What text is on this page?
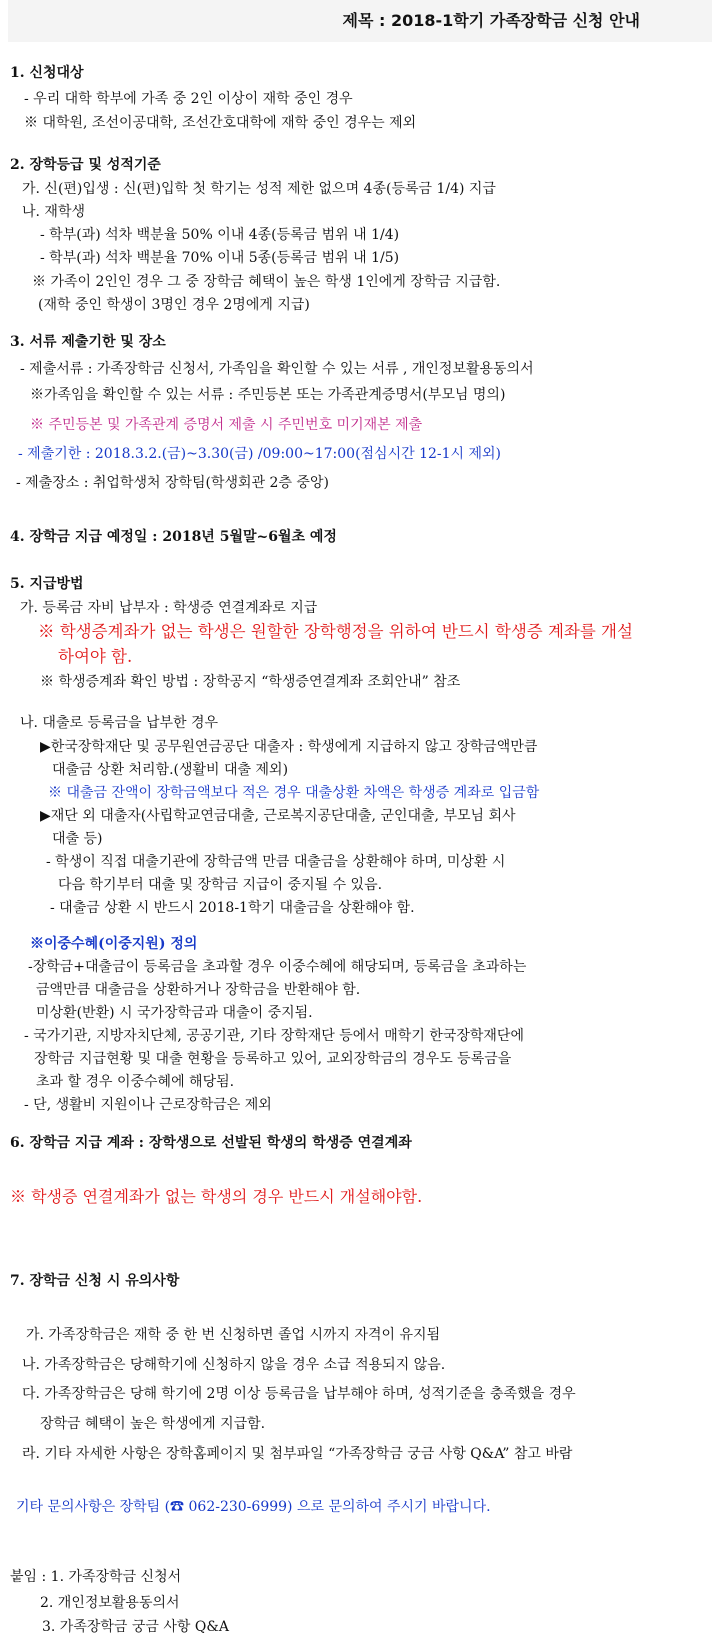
제목 : 2018-1학기 가족장학금 신청 안내
1. 신청대상
- 우리 대학 학부에 가족 중 2인 이상이 재학 중인 경우
※ 대학원, 조선이공대학, 조선간호대학에 재학 중인 경우는 제외
2. 장학등급 및 성적기준
가. 신(편)입생 : 신(편)입학 첫 학기는 성적 제한 없으며 4종(등록금 1/4) 지급
나. 재학생
- 학부(과) 석차 백분율 50% 이내 4종(등록금 범위 내 1/4)
- 학부(과) 석차 백분율 70% 이내 5종(등록금 범위 내 1/5)
※ 가족이 2인인 경우 그 중 장학금 혜택이 높은 학생 1인에게 장학금 지급함.
(재학 중인 학생이 3명인 경우 2명에게 지급)
3. 서류 제출기한 및 장소
- 제출서류 : 가족장학금 신청서, 가족임을 확인할 수 있는 서류 , 개인정보활용동의서
※가족임을 확인할 수 있는 서류 : 주민등본 또는 가족관계증명서(부모님 명의)
※ 주민등본 및 가족관계 증명서 제출 시 주민번호 미기재본 제출
- 제출기한 : 2018.3.2.(금)~3.30(금) /09:00~17:00(점심시간 12-1시 제외)
- 제출장소 : 취업학생처 장학팀(학생회관 2층 중앙)
4. 장학금 지급 예정일 : 2018년 5월말~6월초 예정
5. 지급방법
가. 등록금 자비 납부자 : 학생증 연결계좌로 지급
※ 학생증계좌가 없는 학생은 원할한 장학행정을 위하여 반드시 학생증 계좌를 개설
하여야 함.
※ 학생증계좌 확인 방법 : 장학공지 “학생증연결계좌 조회안내” 참조
나. 대출로 등록금을 납부한 경우
▶한국장학재단 및 공무원연금공단 대출자 : 학생에게 지급하지 않고 장학금액만큼
대출금 상환 처리함.(생활비 대출 제외)
※ 대출금 잔액이 장학금액보다 적은 경우 대출상환 차액은 학생증 계좌로 입금함
▶재단 외 대출자(사립학교연금대출, 근로복지공단대출, 군인대출, 부모님 회사
대출 등)
- 학생이 직접 대출기관에 장학금액 만큼 대출금을 상환해야 하며, 미상환 시
다음 학기부터 대출 및 장학금 지급이 중지될 수 있음.
- 대출금 상환 시 반드시 2018-1학기 대출금을 상환해야 함.
※이중수혜(이중지원) 정의
-장학금+대출금이 등록금을 초과할 경우 이중수혜에 해당되며, 등록금을 초과하는
금액만큼 대출금을 상환하거나 장학금을 반환해야 함.
미상환(반환) 시 국가장학금과 대출이 중지됨.
- 국가기관, 지방자치단체, 공공기관, 기타 장학재단 등에서 매학기 한국장학재단에
장학금 지급현황 및 대출 현황을 등록하고 있어, 교외장학금의 경우도 등록금을
초과 할 경우 이중수혜에 해당됨.
- 단, 생활비 지원이나 근로장학금은 제외
6. 장학금 지급 계좌 : 장학생으로 선발된 학생의 학생증 연결계좌
※ 학생증 연결계좌가 없는 학생의 경우 반드시 개설해야함.
7. 장학금 신청 시 유의사항
가. 가족장학금은 재학 중 한 번 신청하면 졸업 시까지 자격이 유지됨
나. 가족장학금은 당해학기에 신청하지 않을 경우 소급 적용되지 않음.
다. 가족장학금은 당해 학기에 2명 이상 등록금을 납부해야 하며, 성적기준을 충족했을 경우
장학금 혜택이 높은 학생에게 지급함.
라. 기타 자세한 사항은 장학홈페이지 및 첨부파일 “가족장학금 궁금 사항 Q&A” 참고 바람
기타 문의사항은 장학팀 (☎ 062-230-6999) 으로 문의하여 주시기 바랍니다.
붙임 : 1. 가족장학금 신청서
2. 개인정보활용동의서
3. 가족장학금 궁금 사항 Q&A
